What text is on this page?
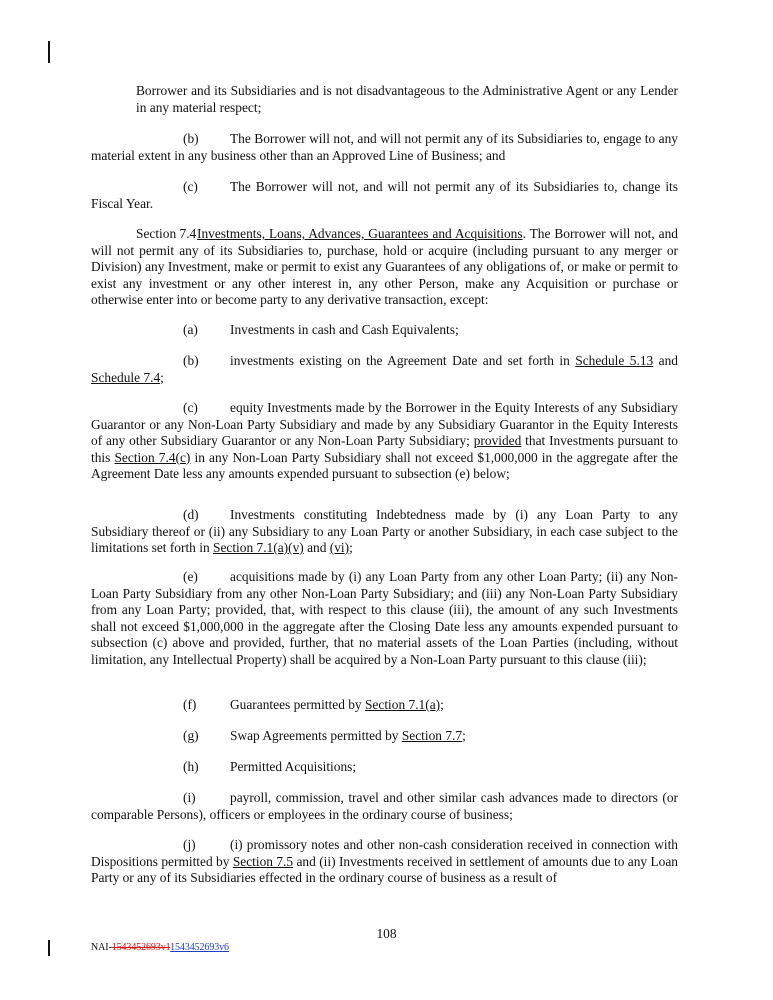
Borrower and its Subsidiaries and is not disadvantageous to the Administrative Agent or any Lender in any material respect;

(b) The Borrower will not, and will not permit any of its Subsidiaries to, engage to any material extent in any business other than an Approved Line of Business; and

(c) The Borrower will not, and will not permit any of its Subsidiaries to, change its Fiscal Year.

Section 7.4Investments, Loans, Advances, Guarantees and Acquisitions. The Borrower will not, and will not permit any of its Subsidiaries to, purchase, hold or acquire (including pursuant to any merger or Division) any Investment, make or permit to exist any Guarantees of any obligations of, or make or permit to exist any investment or any other interest in, any other Person, make any Acquisition or purchase or otherwise enter into or become party to any derivative transaction, except:

(a) Investments in cash and Cash Equivalents;

(b) investments existing on the Agreement Date and set forth in Schedule 5.13 and Schedule 7.4;

(c) equity Investments made by the Borrower in the Equity Interests of any Subsidiary Guarantor or any Non-Loan Party Subsidiary and made by any Subsidiary Guarantor in the Equity Interests of any other Subsidiary Guarantor or any Non-Loan Party Subsidiary; provided that Investments pursuant to this Section 7.4(c) in any Non-Loan Party Subsidiary shall not exceed $1,000,000 in the aggregate after the Agreement Date less any amounts expended pursuant to subsection (e) below;

(d) Investments constituting Indebtedness made by (i) any Loan Party to any Subsidiary thereof or (ii) any Subsidiary to any Loan Party or another Subsidiary, in each case subject to the limitations set forth in Section 7.1(a)(v) and (vi);

(e) acquisitions made by (i) any Loan Party from any other Loan Party; (ii) any Non-Loan Party Subsidiary from any other Non-Loan Party Subsidiary; and (iii) any Non-Loan Party Subsidiary from any Loan Party; provided, that, with respect to this clause (iii), the amount of any such Investments shall not exceed $1,000,000 in the aggregate after the Closing Date less any amounts expended pursuant to subsection (c) above and provided, further, that no material assets of the Loan Parties (including, without limitation, any Intellectual Property) shall be acquired by a Non-Loan Party pursuant to this clause (iii);

(f)	Guarantees permitted by Section 7.1(a);

(g) Swap Agreements permitted by Section 7.7;

(h) Permitted Acquisitions;

(i)	payroll, commission, travel and other similar cash advances made to directors (or comparable Persons), officers or employees in the ordinary course of business;

(j)	(i) promissory notes and other non-cash consideration received in connection with Dispositions permitted by Section 7.5 and (ii) Investments received in settlement of amounts due to any Loan Party or any of its Subsidiaries effected in the ordinary course of business as a result of

108
NAI-1543452693v11543452693v6
